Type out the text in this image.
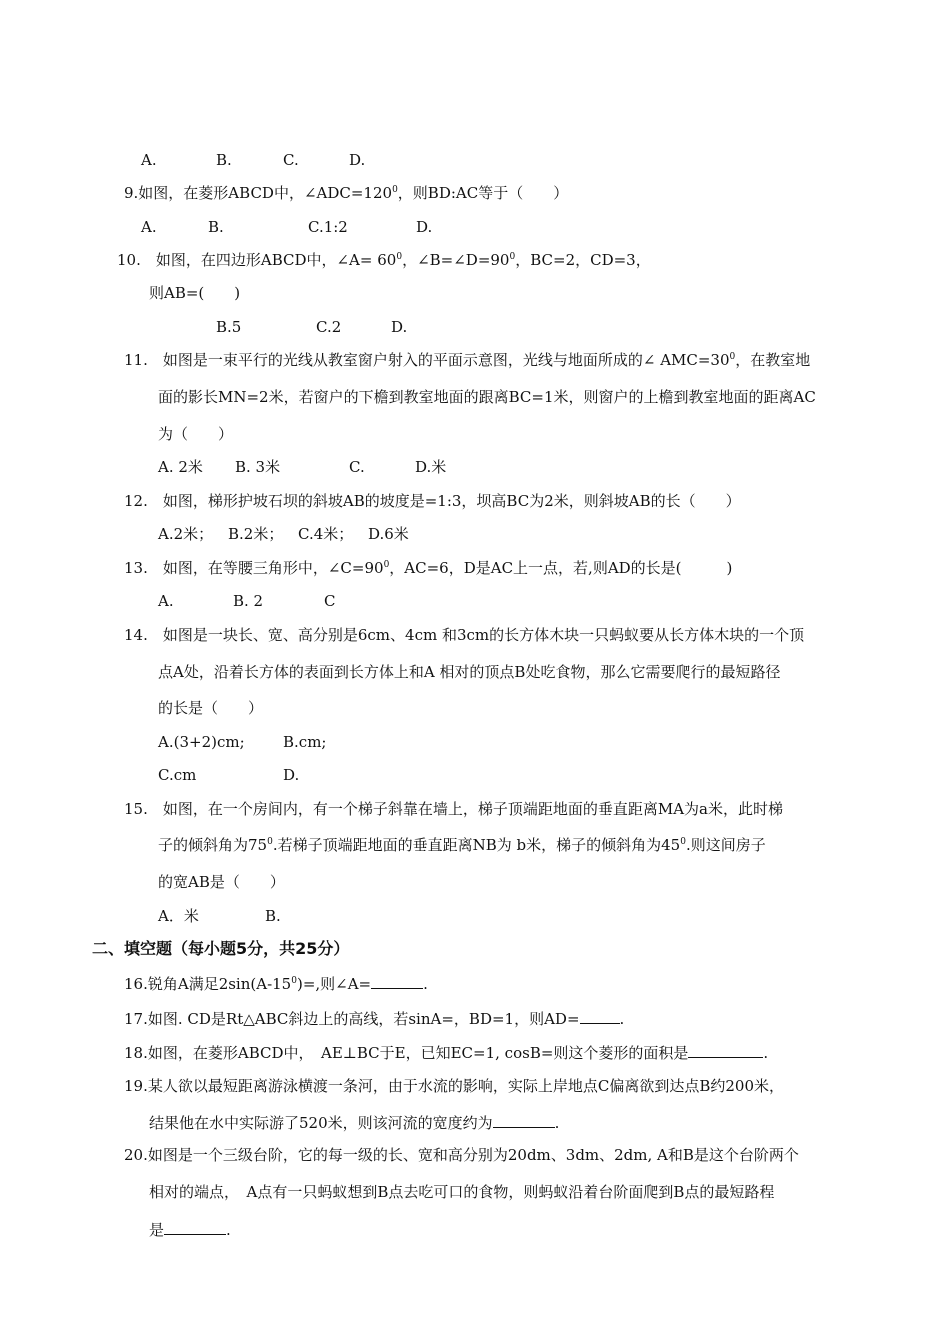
A.	B.	C.	D.
9.如图，在菱形ABCD中，$\angle ADC=120^0$，则BD:AC等于（　　）
A.	B.	C.1:2	D.
10.　如图，在四边形ABCD中，∠A= $60^0$，$\angle B=\angle D=90^0$，BC=2，CD=3，
则AB=(　　)
B.5	C.2	D.
11.　如图是一束平行的光线从教室窗户射入的平面示意图，光线与地面所成的∠ $AMC=30^0$，在教室地
面的影长MN=2米，若窗户的下檐到教室地面的跟离BC=1米，则窗户的上檐到教室地面的距离AC
为（　　）
A. 2米 B. 3米	C.	D.米
12.　如图，梯形护坡石坝的斜坡AB的坡度是=1:3，坝高BC为2米，则斜坡AB的长（　　）
A.2米； B.2米； C.4米； D.6米
13.　如图，在等腰三角形中，$\angle C=90^0$，AC=6，D是AC上一点，若,则AD的长是(　　　)
A.	B. 2	C
14.　如图是一块长、宽、高分别是6cm、4cm 和3cm的长方体木块一只蚂蚁要从长方体木块的一个顶
点A处，沿着长方体的表面到长方体上和A 相对的顶点B处吃食物，那么它需要爬行的最短路径
的长是（　　）
A.(3+2)cm;	B.cm;
C.cm	D.
15.　如图，在一个房间内，有一个梯子斜靠在墙上，梯子顶端距地面的垂直距离MA为a米，此时梯
子的倾斜角为$75^0$.若梯子顶端距地面的垂直距离NB为 b米，梯子的倾斜角为$45^0$.则这间房子
的宽AB是（　　）
A．米	B.
二、填空题（每小题5分，共25分）
16.锐角A满足$2\sin(A-15^0)=$,则∠A=	.
17.如图. CD是Rt△ABC斜边上的高线，若sinA=，BD=1，则AD=	.
18.如图，在菱形ABCD中，　AE⊥BC于E，已知EC=1, cosB=则这个菱形的面积是	.
19.某人欲以最短距离游泳横渡一条河，由于水流的影响，实际上岸地点C偏离欲到达点B约200米，
结果他在水中实际游了520米，则该河流的宽度约为	.
20.如图是一个三级台阶，它的每一级的长、宽和高分别为20dm、3dm、2dm, A和B是这个台阶两个
相对的端点，　A点有一只蚂蚁想到B点去吃可口的食物，则蚂蚁沿着台阶面爬到B点的最短路程
是	.
